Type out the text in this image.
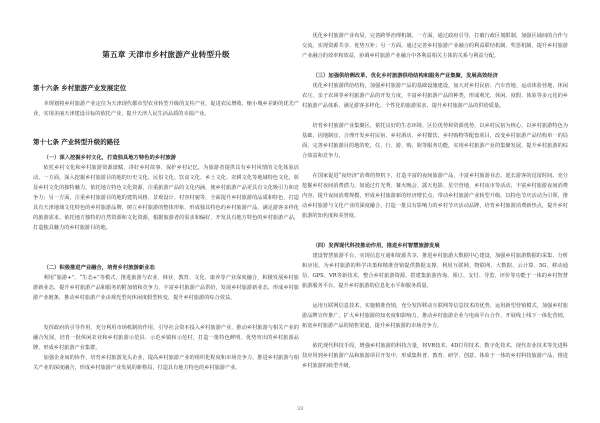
第五章 天津市乡村旅游产业转型升级
第十六条 乡村旅游产业发展定位
本规划将乡村旅游产业定位为天津现代都市型农业转型升级的支柱产业，促进农民增收、缩小城乡差距的优先产业，实现美丽天津建设目标的依托产业，提升天津人民生活品质的幸福产业。
第十七条 产业转型升级的路径
（一）深入挖掘乡村文化，打造独具地方特色的乡村旅游
依托乡村文化和乡村旅游资源禀赋，讲好乡村故事、保护乡村记忆，为旅游者提供具有乡村风情的文化体验活动。一方面，深入挖掘乡村旅游目的地的历史文化、民俗文化、饮食文化、乡土文化、农耕文化等地域特色文化，彰显乡村文化的独特魅力，依托地方特色文化资源，注重旅游产品的文化内涵，使乡村旅游产品更具有文化吸引力和竞争力；另一方面，注重乡村旅游目的地的建筑风格、景观设计、村容村貌等，全面提升乡村旅游的品质和特色，打造具有天津地域文化特色的乡村旅游品牌，树立乡村旅游的整体形象，形成独具特色的乡村旅游产品，满足游客多样化的旅游需求。依托地方独特的自然资源和文化资源，根据旅游者的需求和偏好，开发具有地方特色的乡村旅游产品，打造独具魅力的乡村旅游目的地。
（二）积极推进产业融合，培育乡村旅游新业态
利用“旅游+”、“生态+”等模式，推进旅游与农业、林业、教育、文化、康养等产业深度融合，积极发展乡村旅游新业态，提升乡村旅游产品和服务的附加值和竞争力，丰富乡村旅游产品供给，发展乡村旅游新业态，形成乡村旅游产业链条，推动乡村旅游产业由观光型向休闲度假型转变，提升乡村旅游的综合效益。
发挥政府的引导作用，充分利用市场机制的作用，引导社会资本投入乡村旅游产业，推动乡村旅游与相关产业的融合发展，培育一批休闲农业和乡村旅游示范县、示范乡镇和示范村，打造一批特色鲜明、优势突出的乡村旅游品牌，形成乡村旅游产业集群。
加强企业间的协作，培育乡村旅游龙头企业，提高乡村旅游产业的组织化程度和市场竞争力，推进乡村旅游与相关产业的深度融合，形成乡村旅游产业发展的新格局，打造具有地方特色的乡村旅游产业。
优化乡村旅游产业布局，完善跨界治理机制。一方面，通过政府引导，打破行政区划限制，加强区域间的合作与交流，实现资源共享、优势互补；另一方面，通过完善乡村旅游产业融合的利益联结机制、奖惩机制，提升乡村旅游产业融合的效率和效益，协调乡村旅游产业融合中各利益相关主体的关系与利益分配。
（三）加强供给侧改革，优化乡村旅游供给结构和服务产业集聚，发展高效经济
优化乡村旅游供给结构，加强乡村旅游产品的基础设施建设，加大对乡村民宿、汽车营地、运动体验营地、休闲农庄、亲子农场等乡村旅游产品的开发力度，丰富乡村旅游产品的种类，形成观光、休闲、度假、体验等多元化的乡村旅游产品体系，满足游客多样化、个性化的旅游需求，提升乡村旅游产品的供给质量。
培育乡村旅游产业集聚区，依托良好的生态环境、区位优势和资源优势，以乡村民宿为核心，以乡村旅游特色为基础，因地制宜，合理开发乡村民宿、乡村酒店、乡村餐饮、乡村购物等配套项目，改变乡村旅游产品结构单一的局面，完善乡村旅游目的地的吃、住、行、游、购、娱等服务功能，实现乡村旅游产业的集聚发展，提升乡村旅游的综合效益和竞争力。
在国家促进“夜经济”消费的契机下，打造丰富的夜间旅游产品，丰富乡村旅游业态，延长游客的逗留时间。充分挖掘乡村夜间消费潜力，如通过灯光秀、篝火晚会、露天电影、星空营地、乡村夜市等活动，丰富乡村旅游夜间消费内容，提升夜间消费规模，形成乡村旅游新的经济增长点，带动乡村旅游产业转型升级。以特色节庆活动为引领，推动乡村旅游与文化产业的深度融合，打造一批具有影响力的乡村节庆活动品牌，培育乡村旅游消费新热点，提升乡村旅游的知名度和美誉度。
（四）发挥现代科技推动作用，推进乡村智慧旅游发展
建设智慧旅游平台，实现信息互通和资源共享，推进乡村旅游大数据中心建设，加强乡村旅游数据的采集、分析和应用，为乡村旅游的科学决策和精准营销提供数据支撑。利用互联网、物联网、大数据、云计算、5G、移动通信、GPS、VR等新技术，整合乡村旅游资源，搭建集旅游咨询、预订、支付、导览、评价等功能于一体的乡村智慧旅游服务平台，提升乡村旅游的信息化水平和服务质量。
运用互联网信息技术，实施精准营销，充分发挥移动互联网等信息技术的优势，运用新型营销模式，加强乡村旅游品牌宣传推广，扩大乡村旅游的知名度和影响力。推动乡村旅游企业与电商平台合作，开展线上线下一体化营销，拓宽乡村旅游产品的销售渠道，提升乡村旅游的市场竞争力。
依托现代科技手段，增强乡村旅游的科技含量，将VR技术、4D打印技术、数字化技术、现代农业技术等先进科技应用到乡村旅游产品和旅游项目开发中，形成集科普、教育、研学、创意、体验于一体的乡村科技旅游产品，推进乡村旅游的转型升级。
33
